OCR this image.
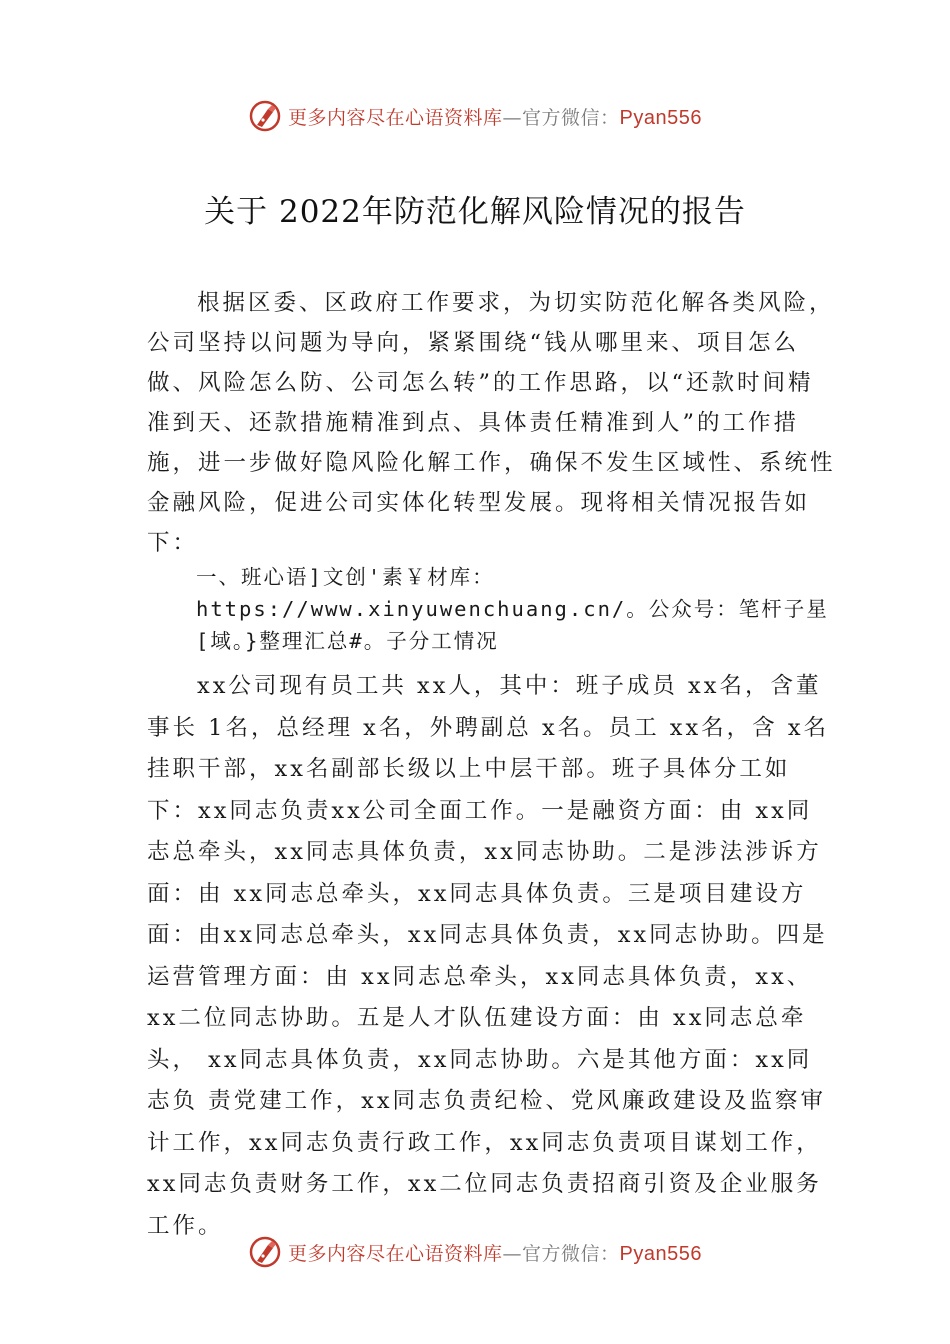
更多内容尽在心语资料库—官方微信：Pyan556
关于 2022年防范化解风险情况的报告
根据区委、区政府工作要求，为切实防范化解各类风险，公司坚持以问题为导向，紧紧围绕“钱从哪里来、项目怎么做、风险怎么防、公司怎么转”的工作思路，以“还款时间精准到天、还款措施精准到点、具体责任精准到人”的工作措施，进一步做好隐风险化解工作，确保不发生区域性、系统性金融风险，促进公司实体化转型发展。现将相关情况报告如下：
一、班心语]文创'素￥材库：https://www.xinyuwenchuang.cn/。公众号：笔杆子星[域。}整理汇总#。子分工情况
xx公司现有员工共 xx人，其中：班子成员 xx名，含董事长 1名，总经理 x名，外聘副总 x名。员工 xx名，含 x名挂职干部，xx名副部长级以上中层干部。班子具体分工如下：xx同志负责xx公司全面工作。一是融资方面：由 xx同志总牵头，xx同志具体负责，xx同志协助。二是涉法涉诉方面：由 xx同志总牵头，xx同志具体负责。三是项目建设方面：由xx同志总牵头，xx同志具体负责，xx同志协助。四是运营管理方面：由 xx同志总牵头，xx同志具体负责，xx、xx二位同志协助。五是人才队伍建设方面：由 xx同志总牵头， xx同志具体负责，xx同志协助。六是其他方面：xx同志负 责党建工作，xx同志负责纪检、党风廉政建设及监察审计工作，xx同志负责行政工作，xx同志负责项目谋划工作，xx同志负责财务工作，xx二位同志负责招商引资及企业服务工作。
更多内容尽在心语资料库—官方微信：Pyan556
